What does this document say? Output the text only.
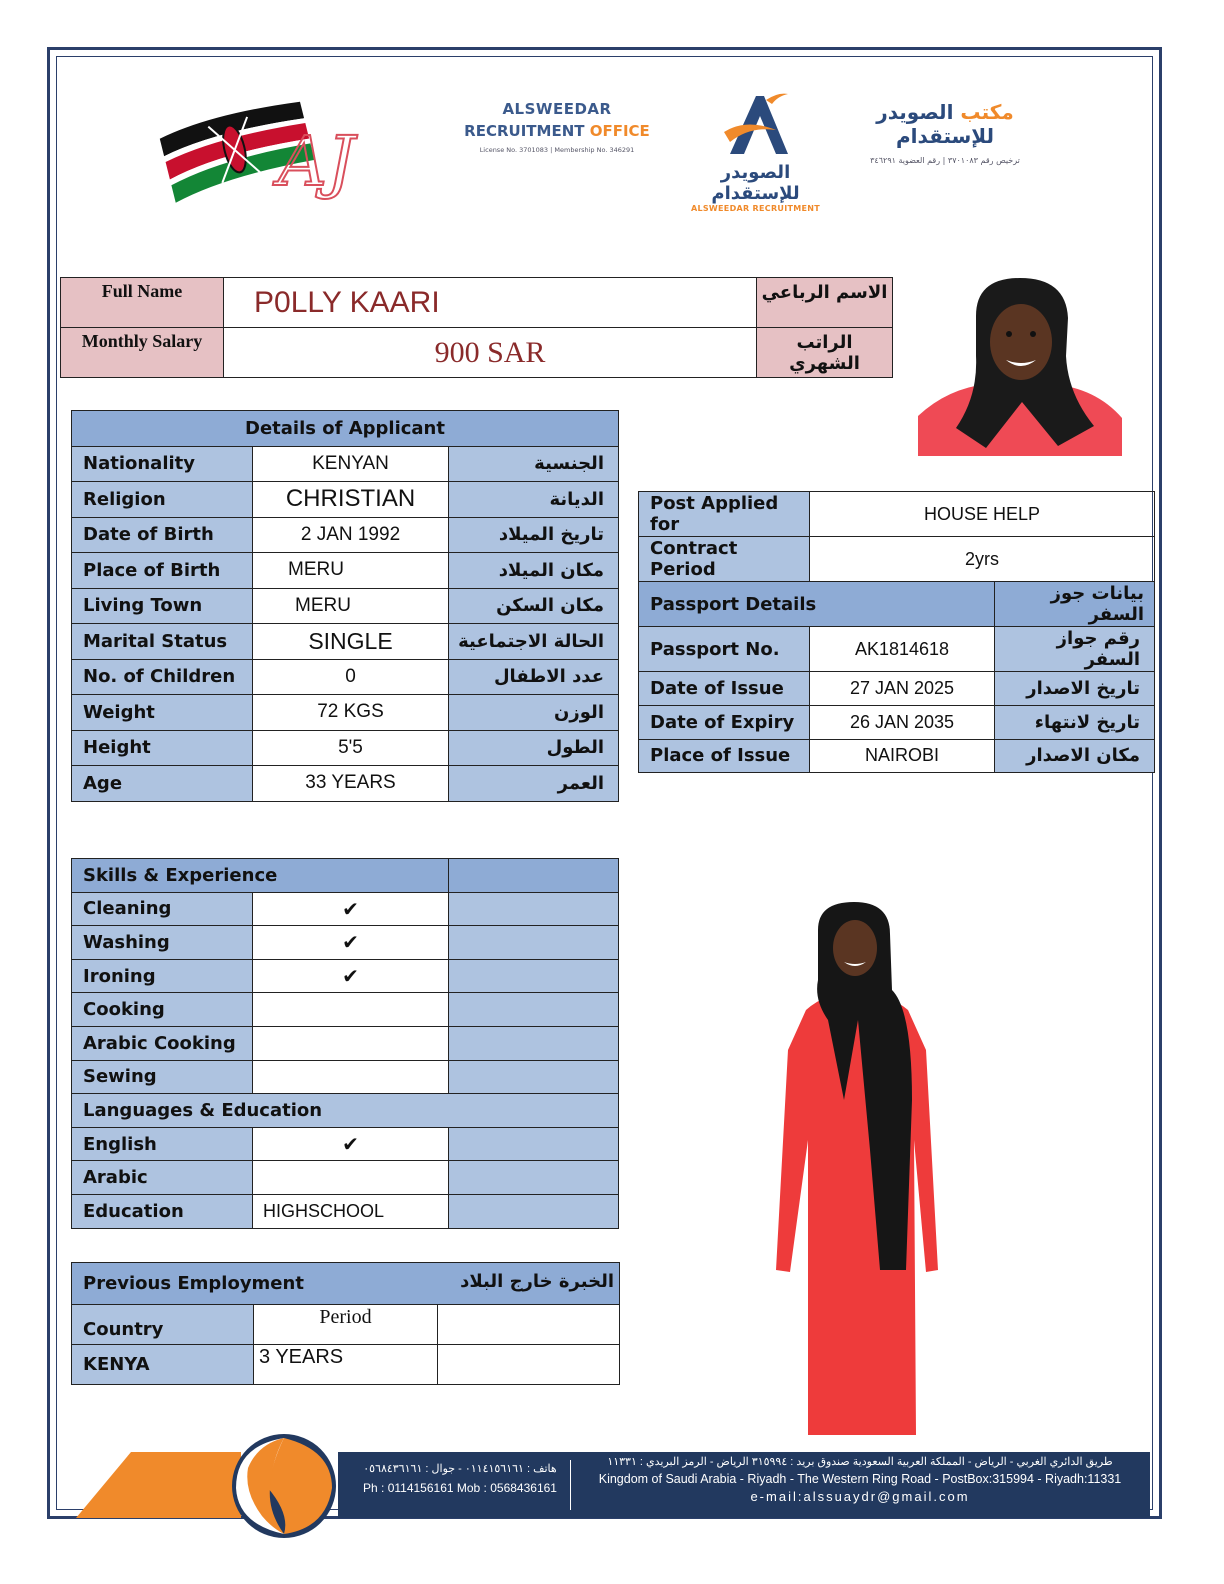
AJ
ALSWEEDAR
RECRUITMENT OFFICE
License No. 3701083 | Membership No. 346291
الصويدر للإستقدام
ALSWEEDAR RECRUITMENT
مكتب الصويدر للإستقدام
ترخيص رقم ٣٧٠١٠٨٣ | رقم العضوية ٣٤٦٢٩١
Full Name	P0LLY KAARI	الاسم الرباعي
Monthly Salary	900 SAR	الراتب الشهري
Details of Applicant		
Nationality	KENYAN	الجنسية
Religion	CHRISTIAN	الديانة
Date of Birth	2 JAN 1992	تاريخ الميلاد
Place of Birth	MERU	مكان الميلاد
Living Town	MERU	مكان السكن
Marital Status	SINGLE	الحالة الاجتماعية
No. of Children	0	عدد الاطفال
Weight	72 KGS	الوزن
Height	5'5	الطول
Age	33 YEARS	العمر
Post Applied for	HOUSE HELP	
Contract Period	2yrs	
Passport Details		بيانات جوز السفر
Passport No.	AK1814618	رقم جواز السفر
Date of Issue	27 JAN 2025	تاريخ الاصدار
Date of Expiry	26 JAN 2035	تاريخ لانتهاء
Place of Issue	NAIROBI	مكان الاصدار
Skills & Experience		
Cleaning	✔	
Washing	✔	
Ironing	✔	
Cooking		
Arabic Cooking		
Sewing		
Languages & Education		
English	✔	
Arabic		
Education	HIGHSCHOOL	
Previous Employment الخبرة خارج البلاد		

Country	Period	
KENYA	3 YEARS	
هاتف : ٠١١٤١٥٦١٦١ - جوال : ٠٥٦٨٤٣٦١٦١
Ph : 0114156161 Mob : 0568436161
طريق الدائري الغربي - الرياض - المملكة العربية السعودية صندوق بريد : ٣١٥٩٩٤ الرياض - الرمز البريدي : ١١٣٣١
Kingdom of Saudi Arabia - Riyadh - The Western Ring Road - PostBox:315994 - Riyadh:11331
e-mail:alssuaydr@gmail.com
